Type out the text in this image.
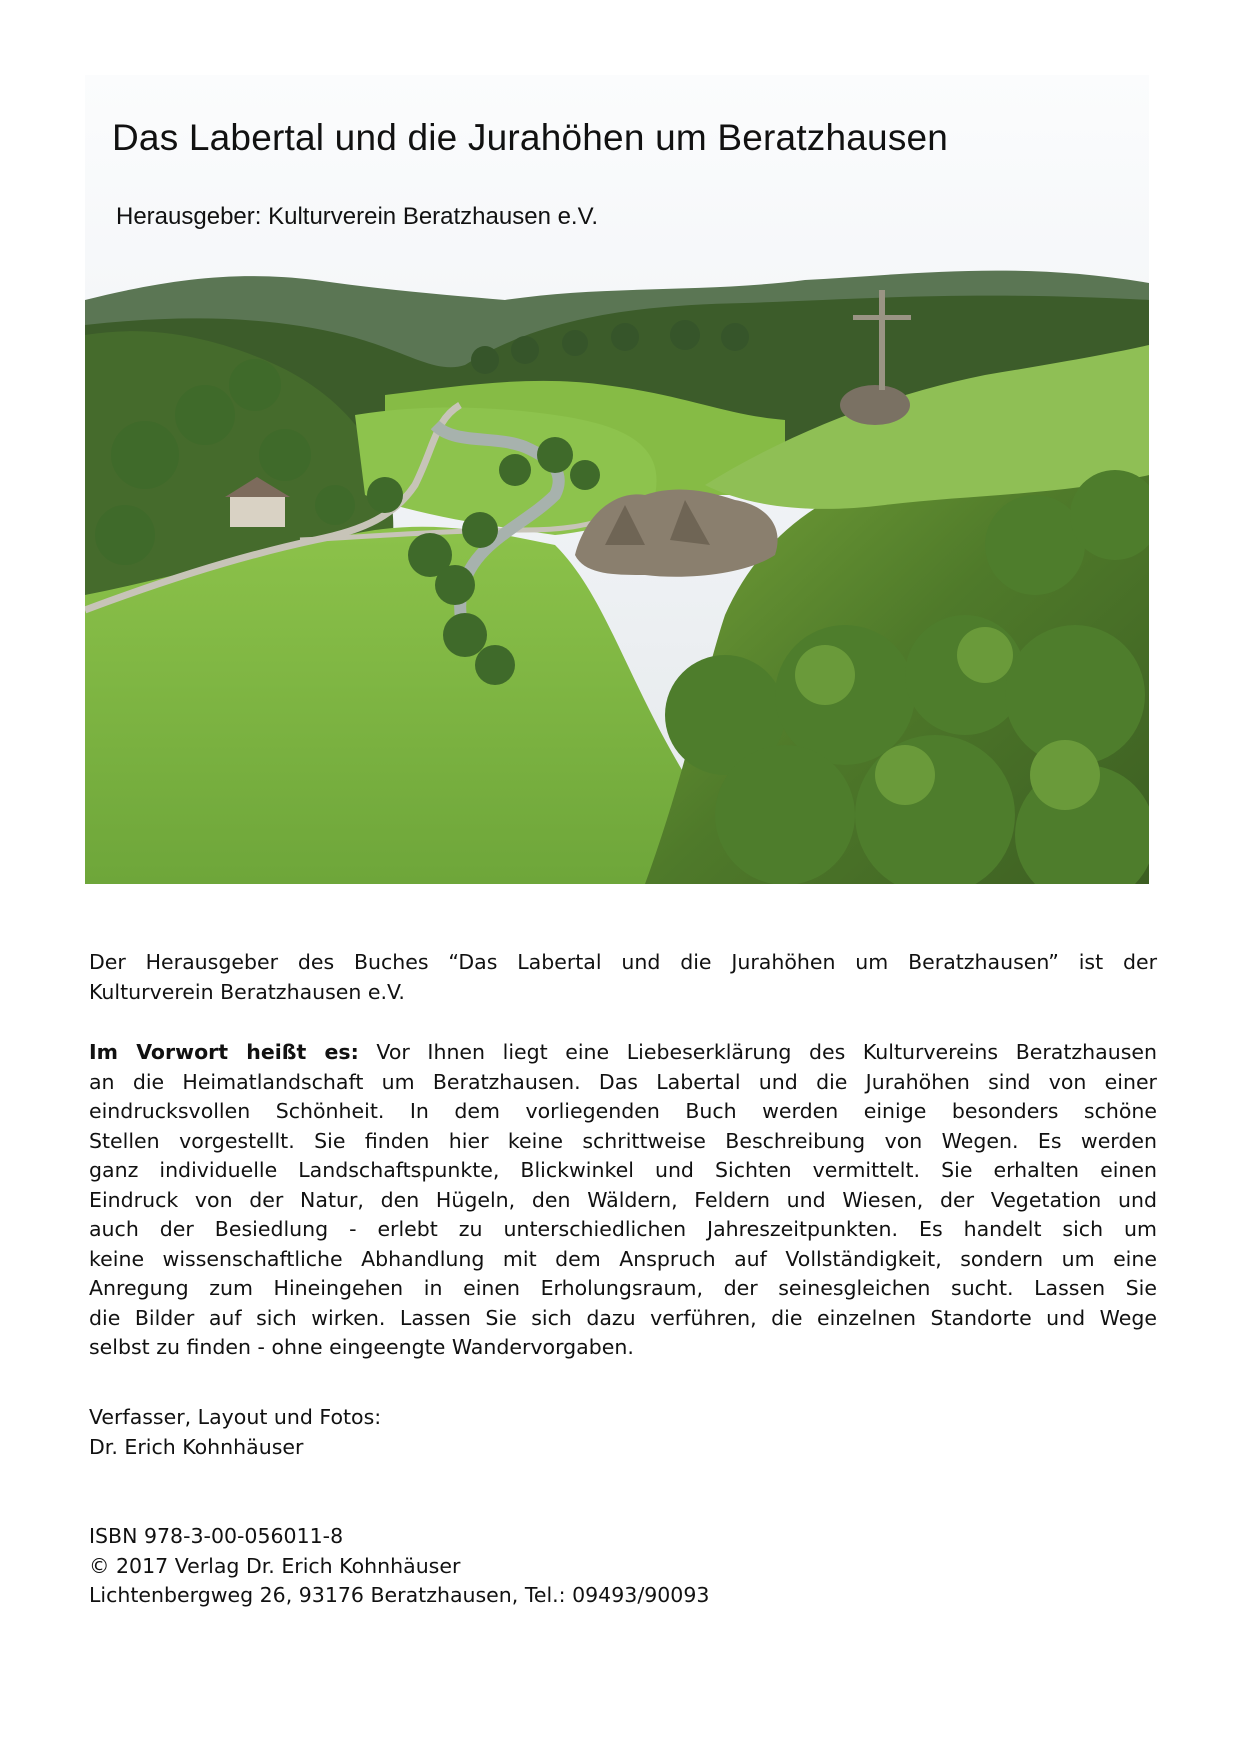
Das Labertal und die Jurahöhen um Beratzhausen

Herausgeber: Kulturverein Beratzhausen e.V.

Der Herausgeber des Buches “Das Labertal und die Jurahöhen um Beratzhausen” ist der
Kulturverein Beratzhausen e.V.
Im Vorwort heißt es: Vor Ihnen liegt eine Liebeserklärung des Kulturvereins Beratzhausen
an die Heimatlandschaft um Beratzhausen. Das Labertal und die Jurahöhen sind von einer
eindrucksvollen Schönheit. In dem vorliegenden Buch werden einige besonders schöne
Stellen vorgestellt. Sie finden hier keine schrittweise Beschreibung von Wegen. Es werden
ganz individuelle Landschaftspunkte, Blickwinkel und Sichten vermittelt. Sie erhalten einen
Eindruck von der Natur, den Hügeln, den Wäldern, Feldern und Wiesen, der Vegetation und
auch der Besiedlung - erlebt zu unterschiedlichen Jahreszeitpunkten. Es handelt sich um
keine wissenschaftliche Abhandlung mit dem Anspruch auf Vollständigkeit, sondern um eine
Anregung zum Hineingehen in einen Erholungsraum, der seinesgleichen sucht. Lassen Sie
die Bilder auf sich wirken. Lassen Sie sich dazu verführen, die einzelnen Standorte und Wege
selbst zu finden - ohne eingeengte Wandervorgaben.
Verfasser, Layout und Fotos:
Dr. Erich Kohnhäuser
ISBN 978-3-00-056011-8
© 2017 Verlag Dr. Erich Kohnhäuser
Lichtenbergweg 26, 93176 Beratzhausen, Tel.: 09493/90093
